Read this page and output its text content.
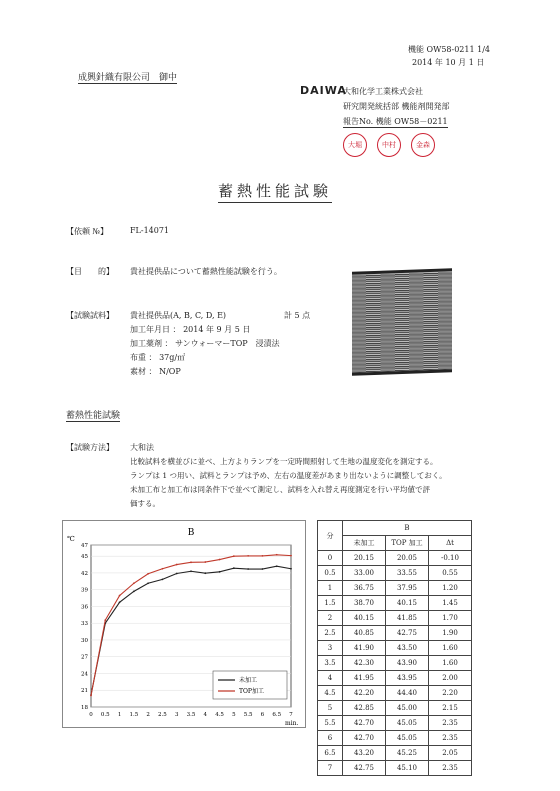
機能 OW58-0211 1/4
2014 年 10 月 1 日
成興針織有限公司　御中
DAIWA
大和化学工業株式会社
研究開発統括部 機能剤開発部
報告No. 機能 OW58－0211
大堀	中村	金森
蓄熱性能試験
【依頼 №】	FL-14071
【目　　的】 貴社提供品について蓄熱性能試験を行う。
【試験試料】 貴社提供品(A, B, C, D, E)	計 5 点
加工年月日 ： 2014 年 9 月 5 日
加工薬剤 ： サンウォーマーTOP　浸漬法
布重 ： 37g/㎡
素材 ： N/OP
蓄熱性能試験
【試験方法】 大和法
比較試料を横並びに並べ、上方よりランプを一定時間照射して生地の温度変化を測定する。
ランプは 1 つ用い、試料とランプは予め、左右の温度差があまり出ないように調整しておく。
未加工布と加工布は同条件下で並べて測定し、試料を入れ替え再度測定を行い平均値で評
価する。
B
℃
min.
18
21
24
27
30
33
36
39
42
45
47
0 0.5 1 1.5 2 2.5 3 3.5 4 4.5 5 5.5 6 6.5 7
未加工
TOP加工
分	B		
	未加工	TOP 加工	Δt
0	20.15	20.05	-0.10
0.5	33.00	33.55	0.55
1	36.75	37.95	1.20
1.5	38.70	40.15	1.45
2	40.15	41.85	1.70
2.5	40.85	42.75	1.90
3	41.90	43.50	1.60
3.5	42.30	43.90	1.60
4	41.95	43.95	2.00
4.5	42.20	44.40	2.20
5	42.85	45.00	2.15
5.5	42.70	45.05	2.35
6	42.70	45.05	2.35
6.5	43.20	45.25	2.05
7	42.75	45.10	2.35
